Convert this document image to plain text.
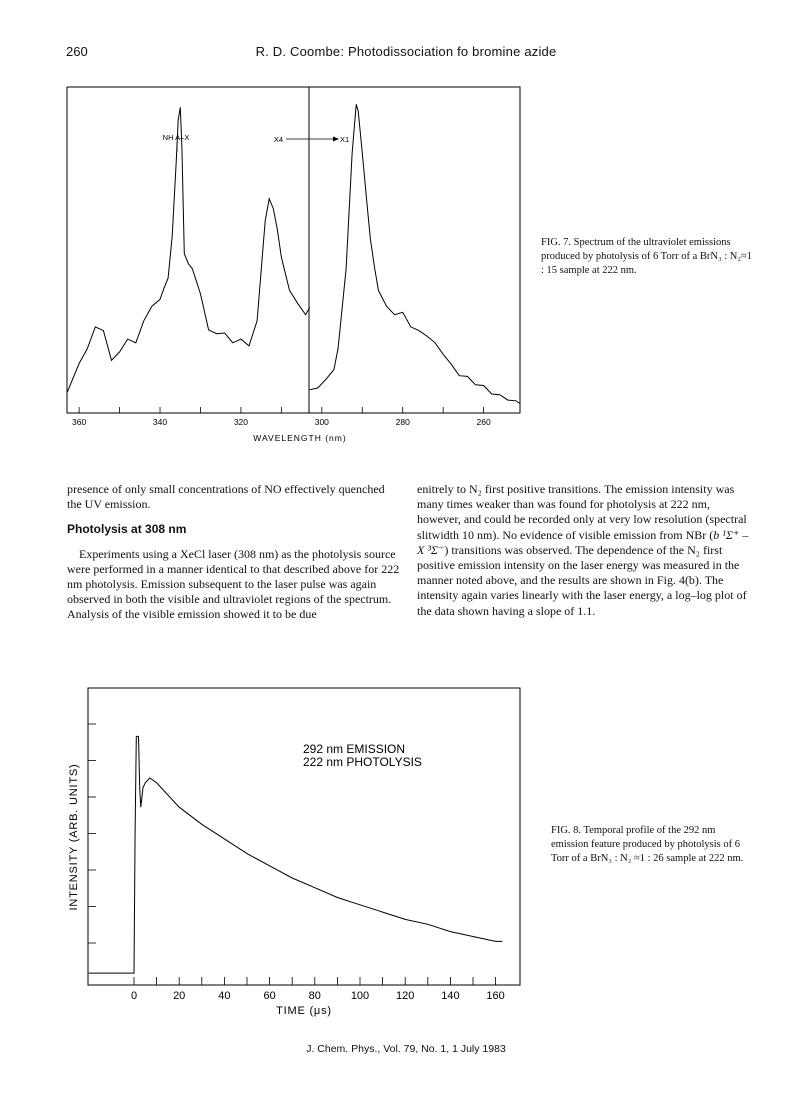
260	R. D. Coombe: Photodissociation fo bromine azide
360	340	320	300	280	260
WAVELENGTH (nm)
NH A–X	X4	X1
FIG. 7. Spectrum of the ultraviolet emissions produced by photolysis of 6 Torr of a BrN₃ : N₂≈1 : 15 sample at 222 nm.

presence of only small concentrations of NO effectively quenched the UV emission.

Photolysis at 308 nm

Experiments using a XeCl laser (308 nm) as the photolysis source were performed in a manner identical to that described above for 222 nm photolysis. Emission subsequent to the laser pulse was again observed in both the visible and ultraviolet regions of the spectrum. Analysis of the visible emission showed it to be due

enitrely to N₂ first positive transitions. The emission intensity was many times weaker than was found for photolysis at 222 nm, however, and could be recorded only at very low resolution (spectral slitwidth 10 nm). No evidence of visible emission from NBr (b ¹Σ⁺ – X ³Σ⁻) transitions was observed. The dependence of the N₂ first positive emission intensity on the laser energy was measured in the manner noted above, and the results are shown in Fig. 4(b). The intensity again varies linearly with the laser energy, a log–log plot of the data shown having a slope of 1.1.

0	20	40	60	80	100 120 140 160
INTENSITY (ARB. UNITS)
TIME (μs)
292 nm EMISSION
222 nm PHOTOLYSIS
FIG. 8. Temporal profile of the 292 nm emission feature produced by photolysis of 6 Torr of a BrN₃ : N₂ ≈1 : 26 sample at 222 nm.
J. Chem. Phys., Vol. 79, No. 1, 1 July 1983
